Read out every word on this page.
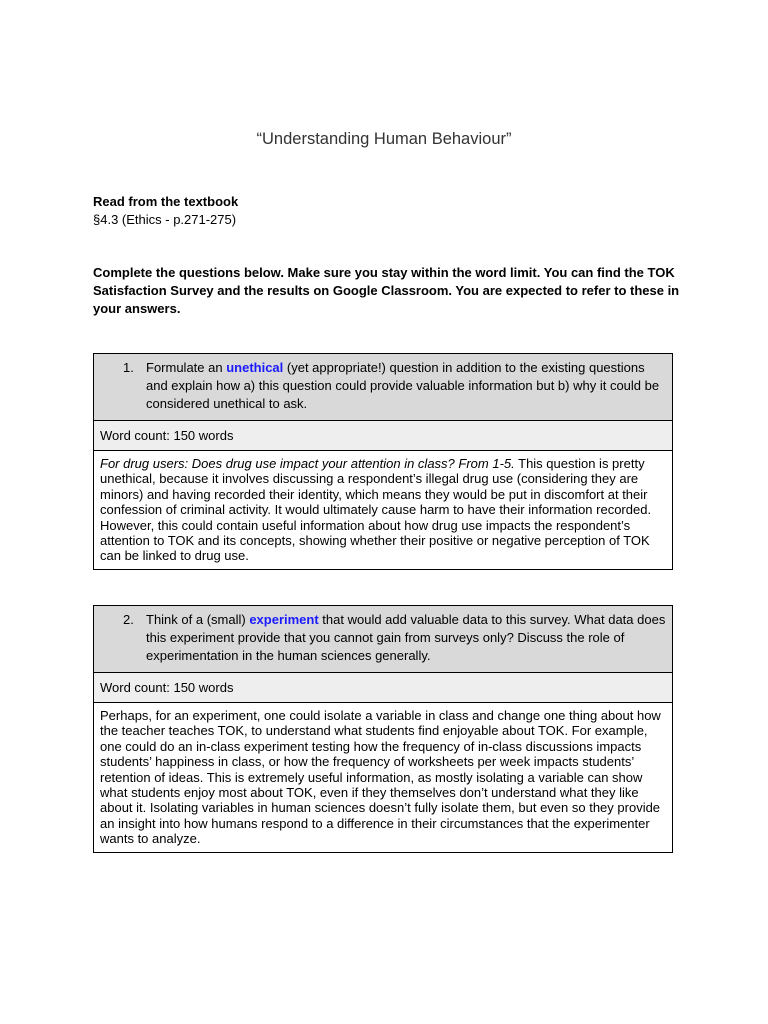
“Understanding Human Behaviour”
Read from the textbook
§4.3 (Ethics - p.271-275)
Complete the questions below. Make sure you stay within the word limit. You can find the TOK Satisfaction Survey and the results on Google Classroom. You are expected to refer to these in your answers.
1. Formulate an unethical (yet appropriate!) question in addition to the existing questions and explain how a) this question could provide valuable information but b) why it could be considered unethical to ask.
Word count: 150 words
For drug users: Does drug use impact your attention in class? From 1-5. This question is pretty unethical, because it involves discussing a respondent’s illegal drug use (considering they are minors) and having recorded their identity, which means they would be put in discomfort at their confession of criminal activity. It would ultimately cause harm to have their information recorded. However, this could contain useful information about how drug use impacts the respondent’s attention to TOK and its concepts, showing whether their positive or negative perception of TOK can be linked to drug use.
2. Think of a (small) experiment that would add valuable data to this survey. What data does this experiment provide that you cannot gain from surveys only? Discuss the role of experimentation in the human sciences generally.
Word count: 150 words
Perhaps, for an experiment, one could isolate a variable in class and change one thing about how the teacher teaches TOK, to understand what students find enjoyable about TOK. For example, one could do an in-class experiment testing how the frequency of in-class discussions impacts students’ happiness in class, or how the frequency of worksheets per week impacts students’ retention of ideas. This is extremely useful information, as mostly isolating a variable can show what students enjoy most about TOK, even if they themselves don’t understand what they like about it. Isolating variables in human sciences doesn’t fully isolate them, but even so they provide an insight into how humans respond to a difference in their circumstances that the experimenter wants to analyze.
